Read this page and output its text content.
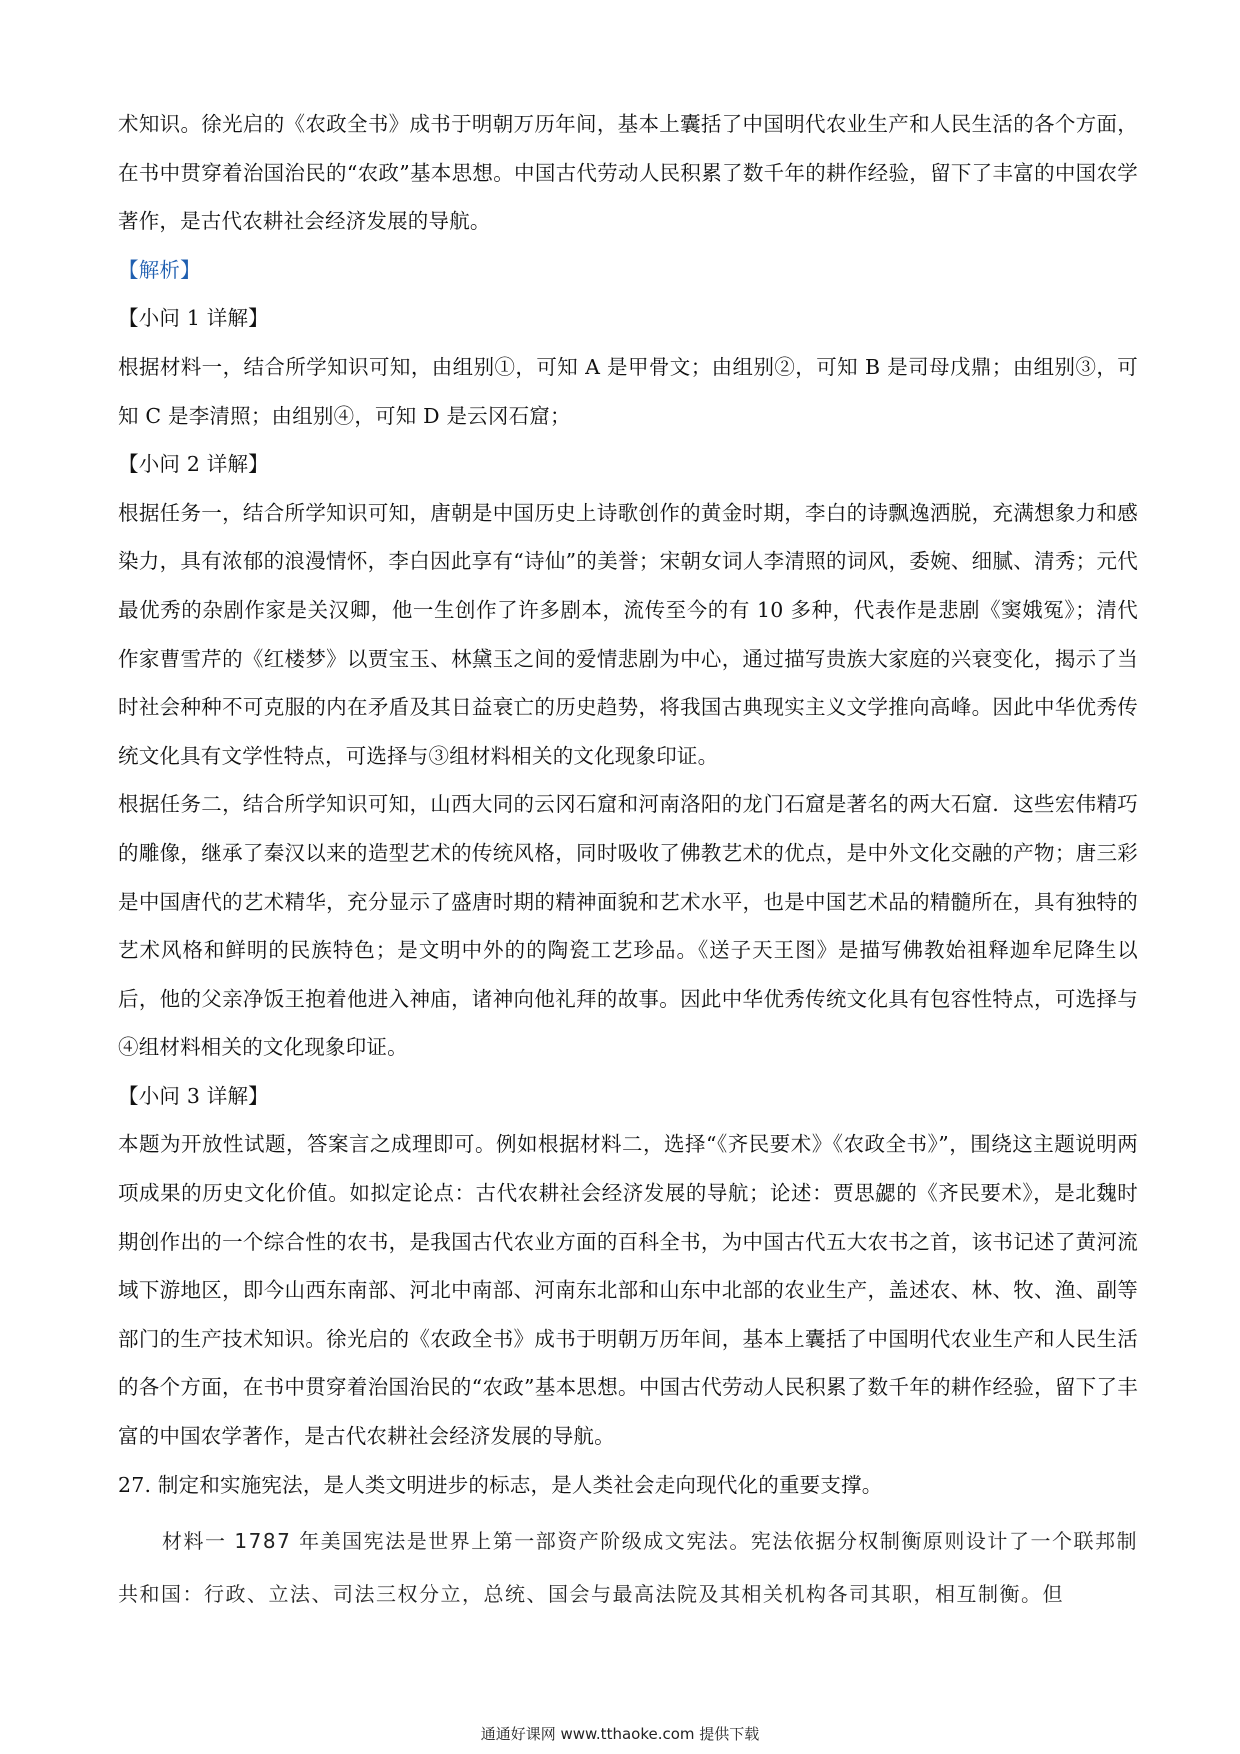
术知识。徐光启的《农政全书》成书于明朝万历年间，基本上囊括了中国明代农业生产和人民生活的各个方面，在书中贯穿着治国治民的“农政”基本思想。中国古代劳动人民积累了数千年的耕作经验，留下了丰富的中国农学著作，是古代农耕社会经济发展的导航。

【解析】

【小问 1 详解】

根据材料一，结合所学知识可知，由组别①，可知 A 是甲骨文；由组别②，可知 B 是司母戊鼎；由组别③，可知 C 是李清照；由组别④，可知 D 是云冈石窟；

【小问 2 详解】

根据任务一，结合所学知识可知，唐朝是中国历史上诗歌创作的黄金时期，李白的诗飘逸洒脱，充满想象力和感染力，具有浓郁的浪漫情怀，李白因此享有“诗仙”的美誉；宋朝女词人李清照的词风，委婉、细腻、清秀；元代最优秀的杂剧作家是关汉卿，他一生创作了许多剧本，流传至今的有 10 多种，代表作是悲剧《窦娥冤》；清代作家曹雪芹的《红楼梦》以贾宝玉、林黛玉之间的爱情悲剧为中心，通过描写贵族大家庭的兴衰变化，揭示了当时社会种种不可克服的内在矛盾及其日益衰亡的历史趋势，将我国古典现实主义文学推向高峰。因此中华优秀传统文化具有文学性特点，可选择与③组材料相关的文化现象印证。

根据任务二，结合所学知识可知，山西大同的云冈石窟和河南洛阳的龙门石窟是著名的两大石窟．这些宏伟精巧的雕像，继承了秦汉以来的造型艺术的传统风格，同时吸收了佛教艺术的优点，是中外文化交融的产物；唐三彩是中国唐代的艺术精华，充分显示了盛唐时期的精神面貌和艺术水平，也是中国艺术品的精髓所在，具有独特的艺术风格和鲜明的民族特色；是文明中外的的陶瓷工艺珍品。《送子天王图》是描写佛教始祖释迦牟尼降生以后，他的父亲净饭王抱着他进入神庙，诸神向他礼拜的故事。因此中华优秀传统文化具有包容性特点，可选择与④组材料相关的文化现象印证。

【小问 3 详解】

本题为开放性试题，答案言之成理即可。例如根据材料二，选择“《齐民要术》《农政全书》”，围绕这主题说明两项成果的历史文化价值。如拟定论点：古代农耕社会经济发展的导航；论述：贾思勰的《齐民要术》，是北魏时期创作出的一个综合性的农书，是我国古代农业方面的百科全书，为中国古代五大农书之首，该书记述了黄河流域下游地区，即今山西东南部、河北中南部、河南东北部和山东中北部的农业生产，盖述农、林、牧、渔、副等部门的生产技术知识。徐光启的《农政全书》成书于明朝万历年间，基本上囊括了中国明代农业生产和人民生活的各个方面，在书中贯穿着治国治民的“农政”基本思想。中国古代劳动人民积累了数千年的耕作经验，留下了丰富的中国农学著作，是古代农耕社会经济发展的导航。

27. 制定和实施宪法，是人类文明进步的标志，是人类社会走向现代化的重要支撑。

材料一 1787 年美国宪法是世界上第一部资产阶级成文宪法。宪法依据分权制衡原则设计了一个联邦制共和国：行政、立法、司法三权分立，总统、国会与最高法院及其相关机构各司其职，相互制衡。但

通通好课网 www.tthaoke.com 提供下载
